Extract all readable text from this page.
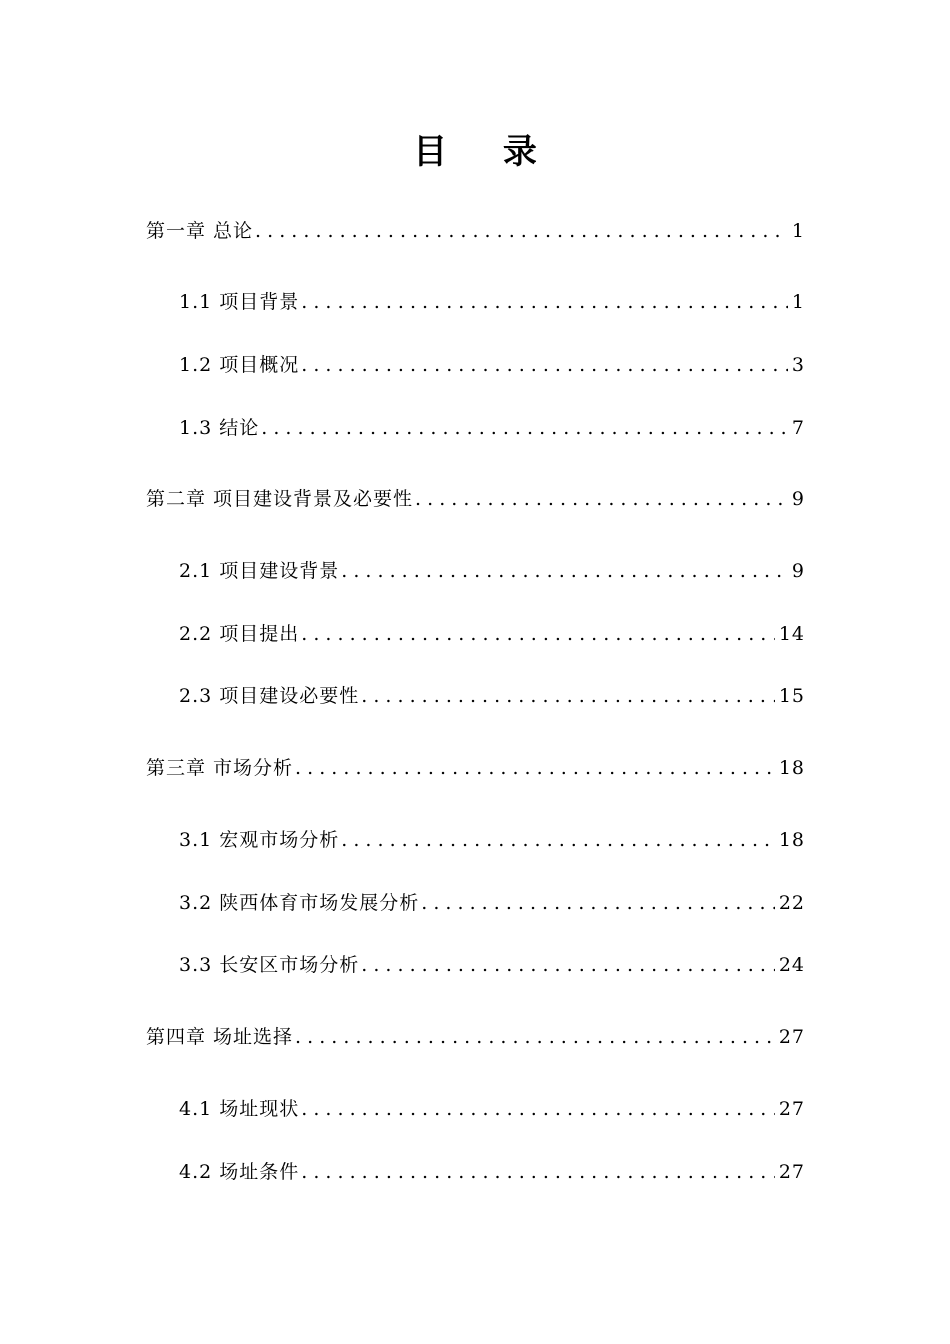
目 录
第一章 总论 . . .	1
1.1 项目背景 . . .	1
1.2 项目概况 . . .	3
1.3 结论 . . .	7
第二章 项目建设背景及必要性 . . .	9
2.1 项目建设背景 . . .	9
2.2 项目提出 . . .	14
2.3 项目建设必要性 . . .	15
第三章 市场分析 . . .	18
3.1 宏观市场分析 . . .	18
3.2 陕西体育市场发展分析 . . .	22
3.3 长安区市场分析 . . .	24
第四章 场址选择 . . .	27
4.1 场址现状 . . .	27
4.2 场址条件 . . .	27
